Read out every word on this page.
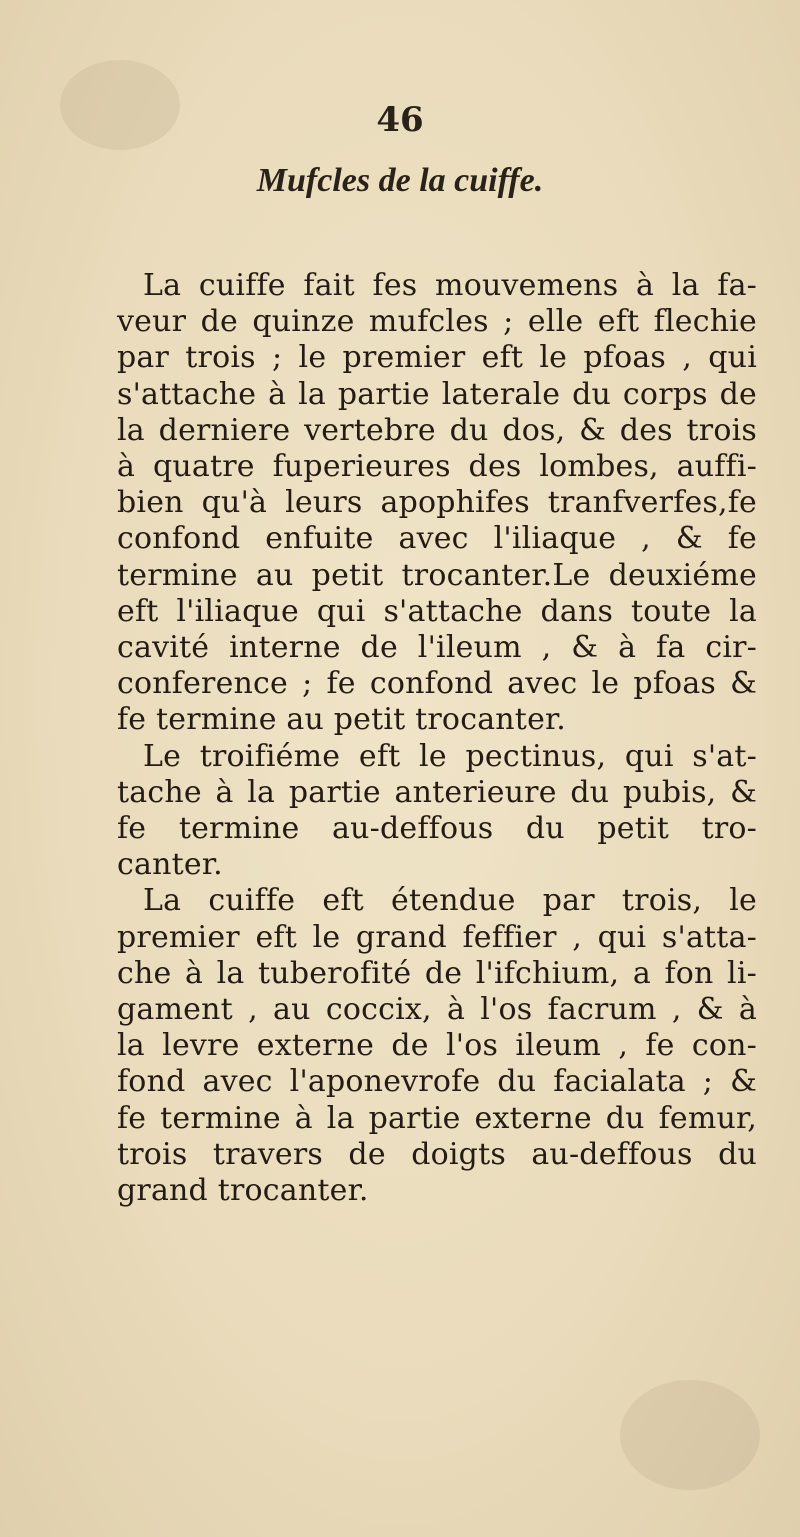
46
Mufcles de la cuiffe.

La cuiffe fait fes mouvemens à la fa-
veur de quinze mufcles ; elle eft flechie
par trois ; le premier eft le pfoas , qui
s'attache à la partie laterale du corps de
la derniere vertebre du dos, & des trois
à quatre fuperieures des lombes, auffi-
bien qu'à leurs apophifes tranfverfes,fe
confond enfuite avec l'iliaque , & fe
termine au petit trocanter.Le deuxiéme
eft l'iliaque qui s'attache dans toute la
cavité interne de l'ileum , & à fa cir-
conference ; fe confond avec le pfoas &
fe termine au petit trocanter.

Le troifiéme eft le pectinus, qui s'at-
tache à la partie anterieure du pubis, &
fe termine au-deffous du petit tro-
canter.

La cuiffe eft étendue par trois, le
premier eft le grand feffier , qui s'atta-
che à la tuberofité de l'ifchium, a fon li-
gament , au coccix, à l'os facrum , & à
la levre externe de l'os ileum , fe con-
fond avec l'aponevrofe du facialata ; &
fe termine à la partie externe du femur,
trois travers de doigts au-deffous du
grand trocanter.
